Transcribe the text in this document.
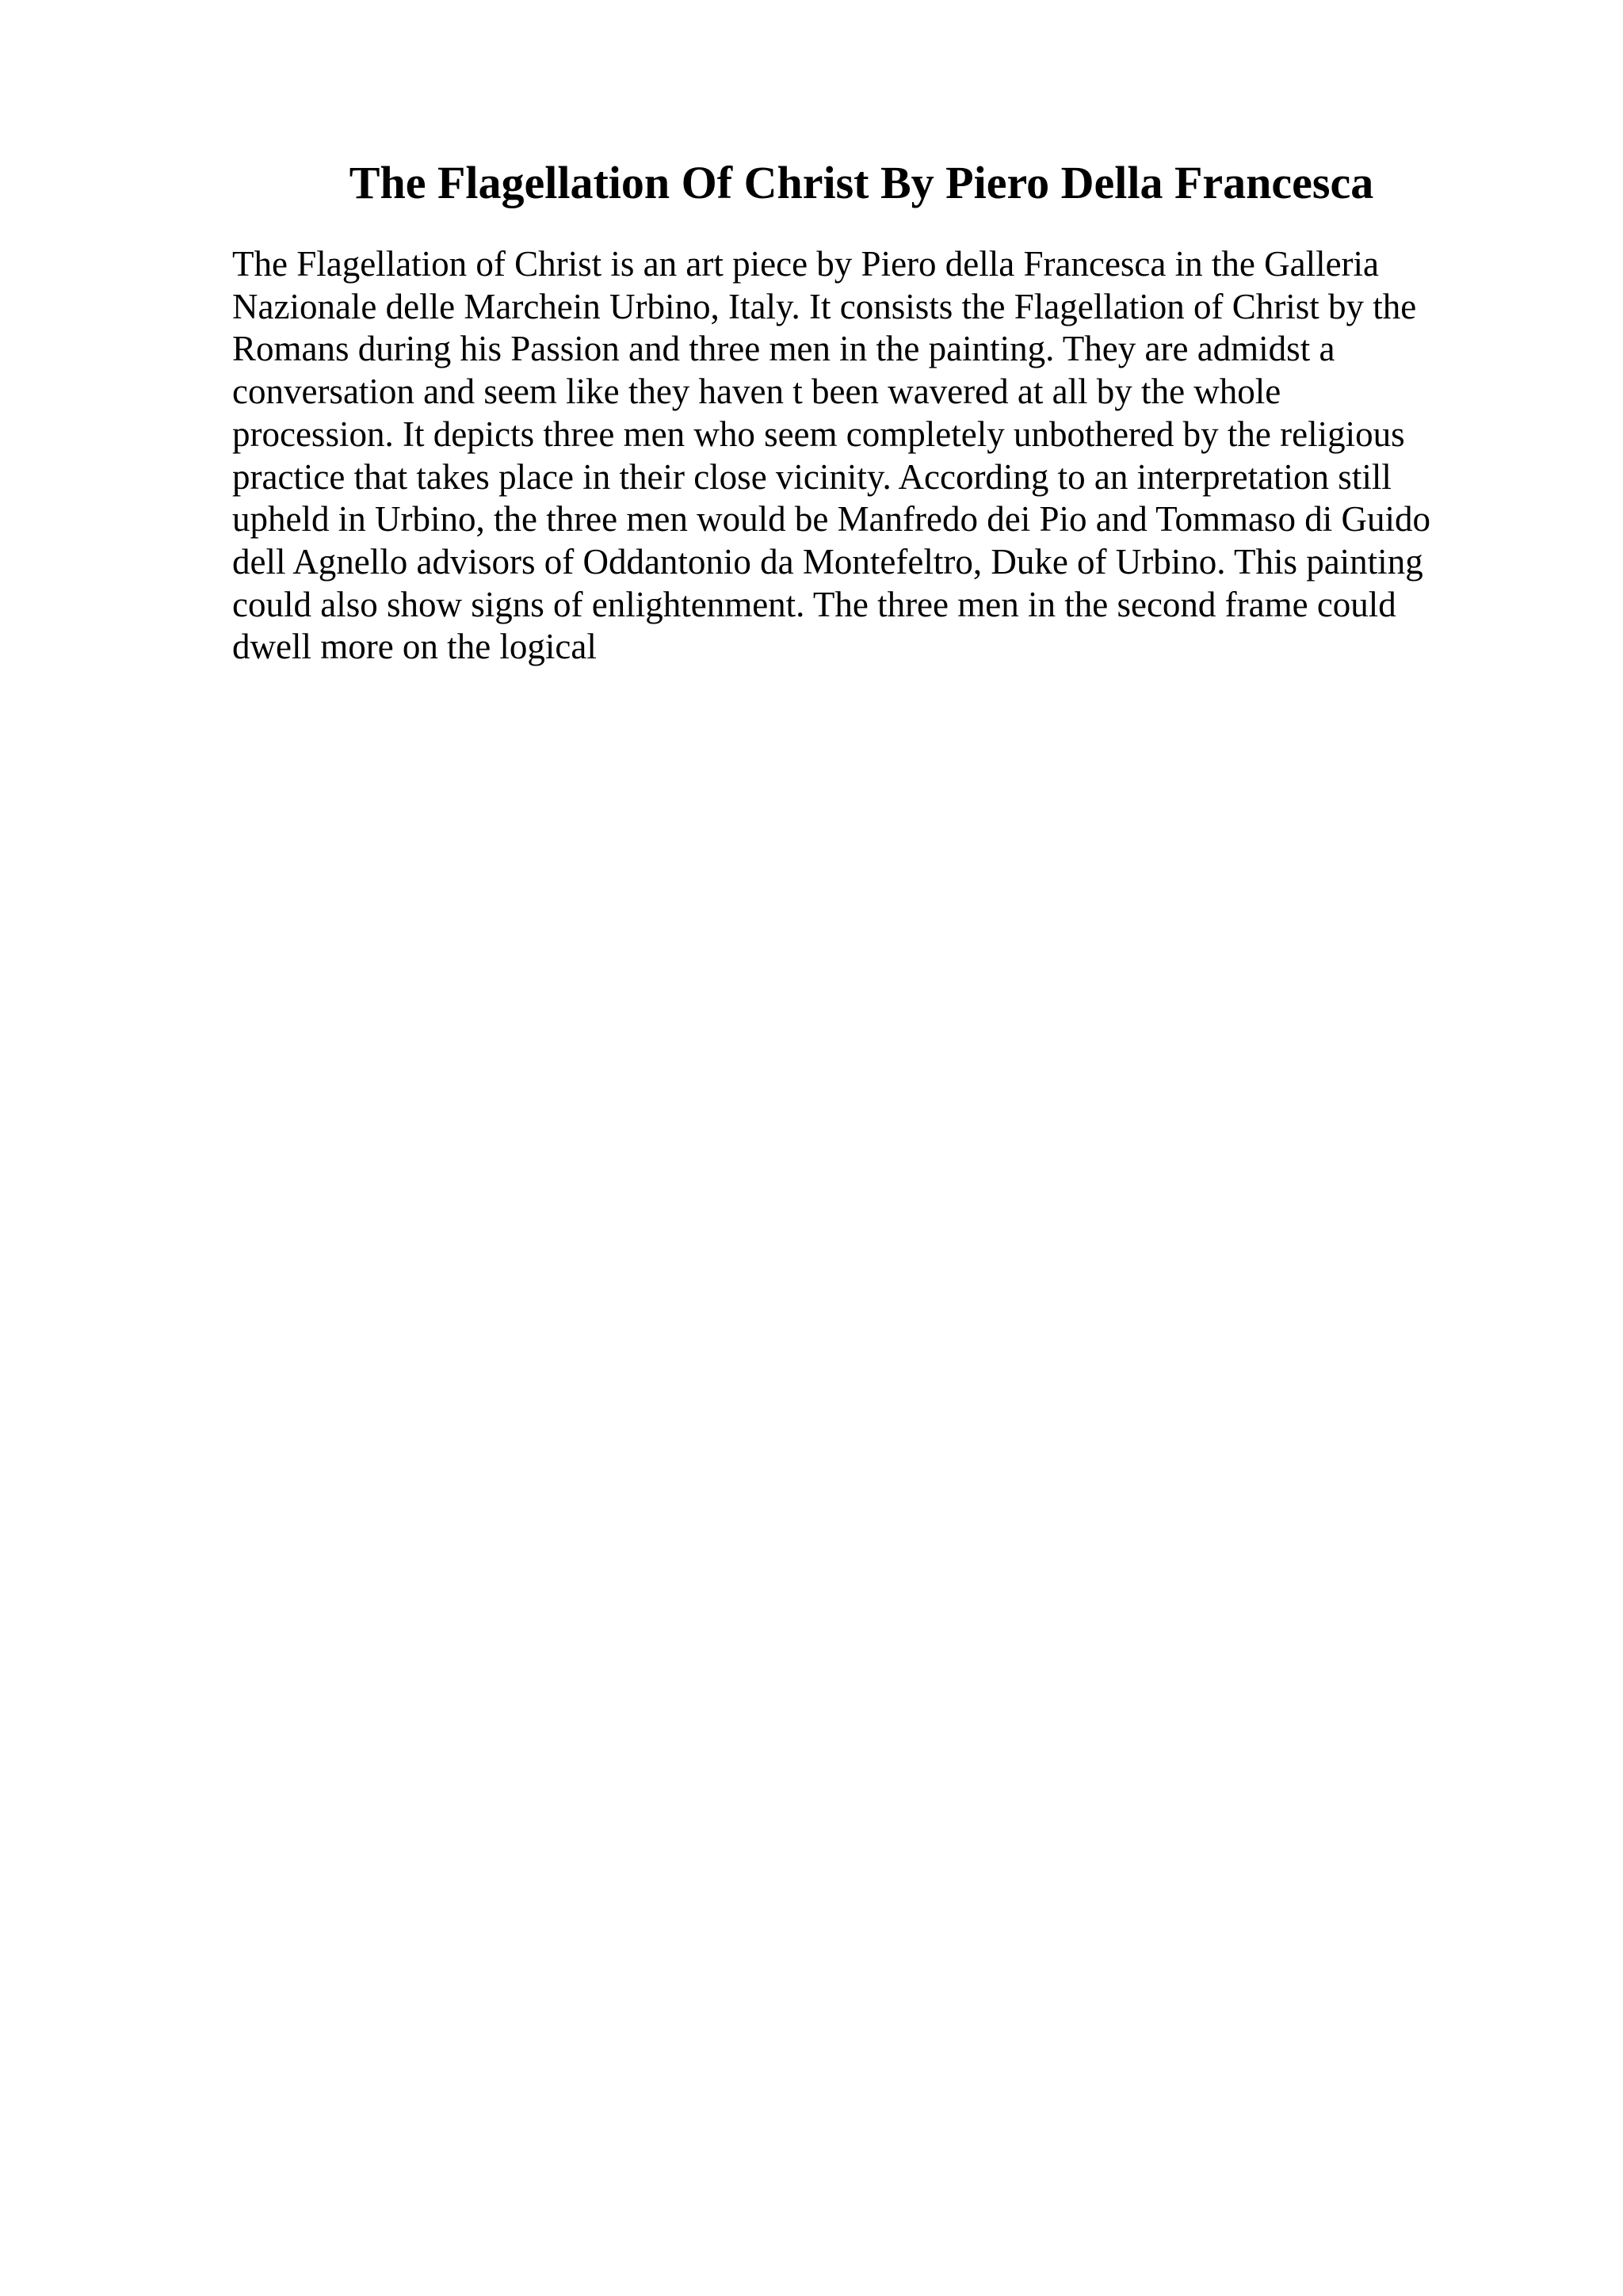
The Flagellation Of Christ By Piero Della Francesca

The Flagellation of Christ is an art piece by Piero della Francesca in the Galleria
Nazionale delle Marchein Urbino, Italy. It consists the Flagellation of Christ by the
Romans during his Passion and three men in the painting. They are admidst a
conversation and seem like they haven t been wavered at all by the whole
procession. It depicts three men who seem completely unbothered by the religious
practice that takes place in their close vicinity. According to an interpretation still
upheld in Urbino, the three men would be Manfredo dei Pio and Tommaso di Guido
dell Agnello advisors of Oddantonio da Montefeltro, Duke of Urbino. This painting
could also show signs of enlightenment. The three men in the second frame could
dwell more on the logical
